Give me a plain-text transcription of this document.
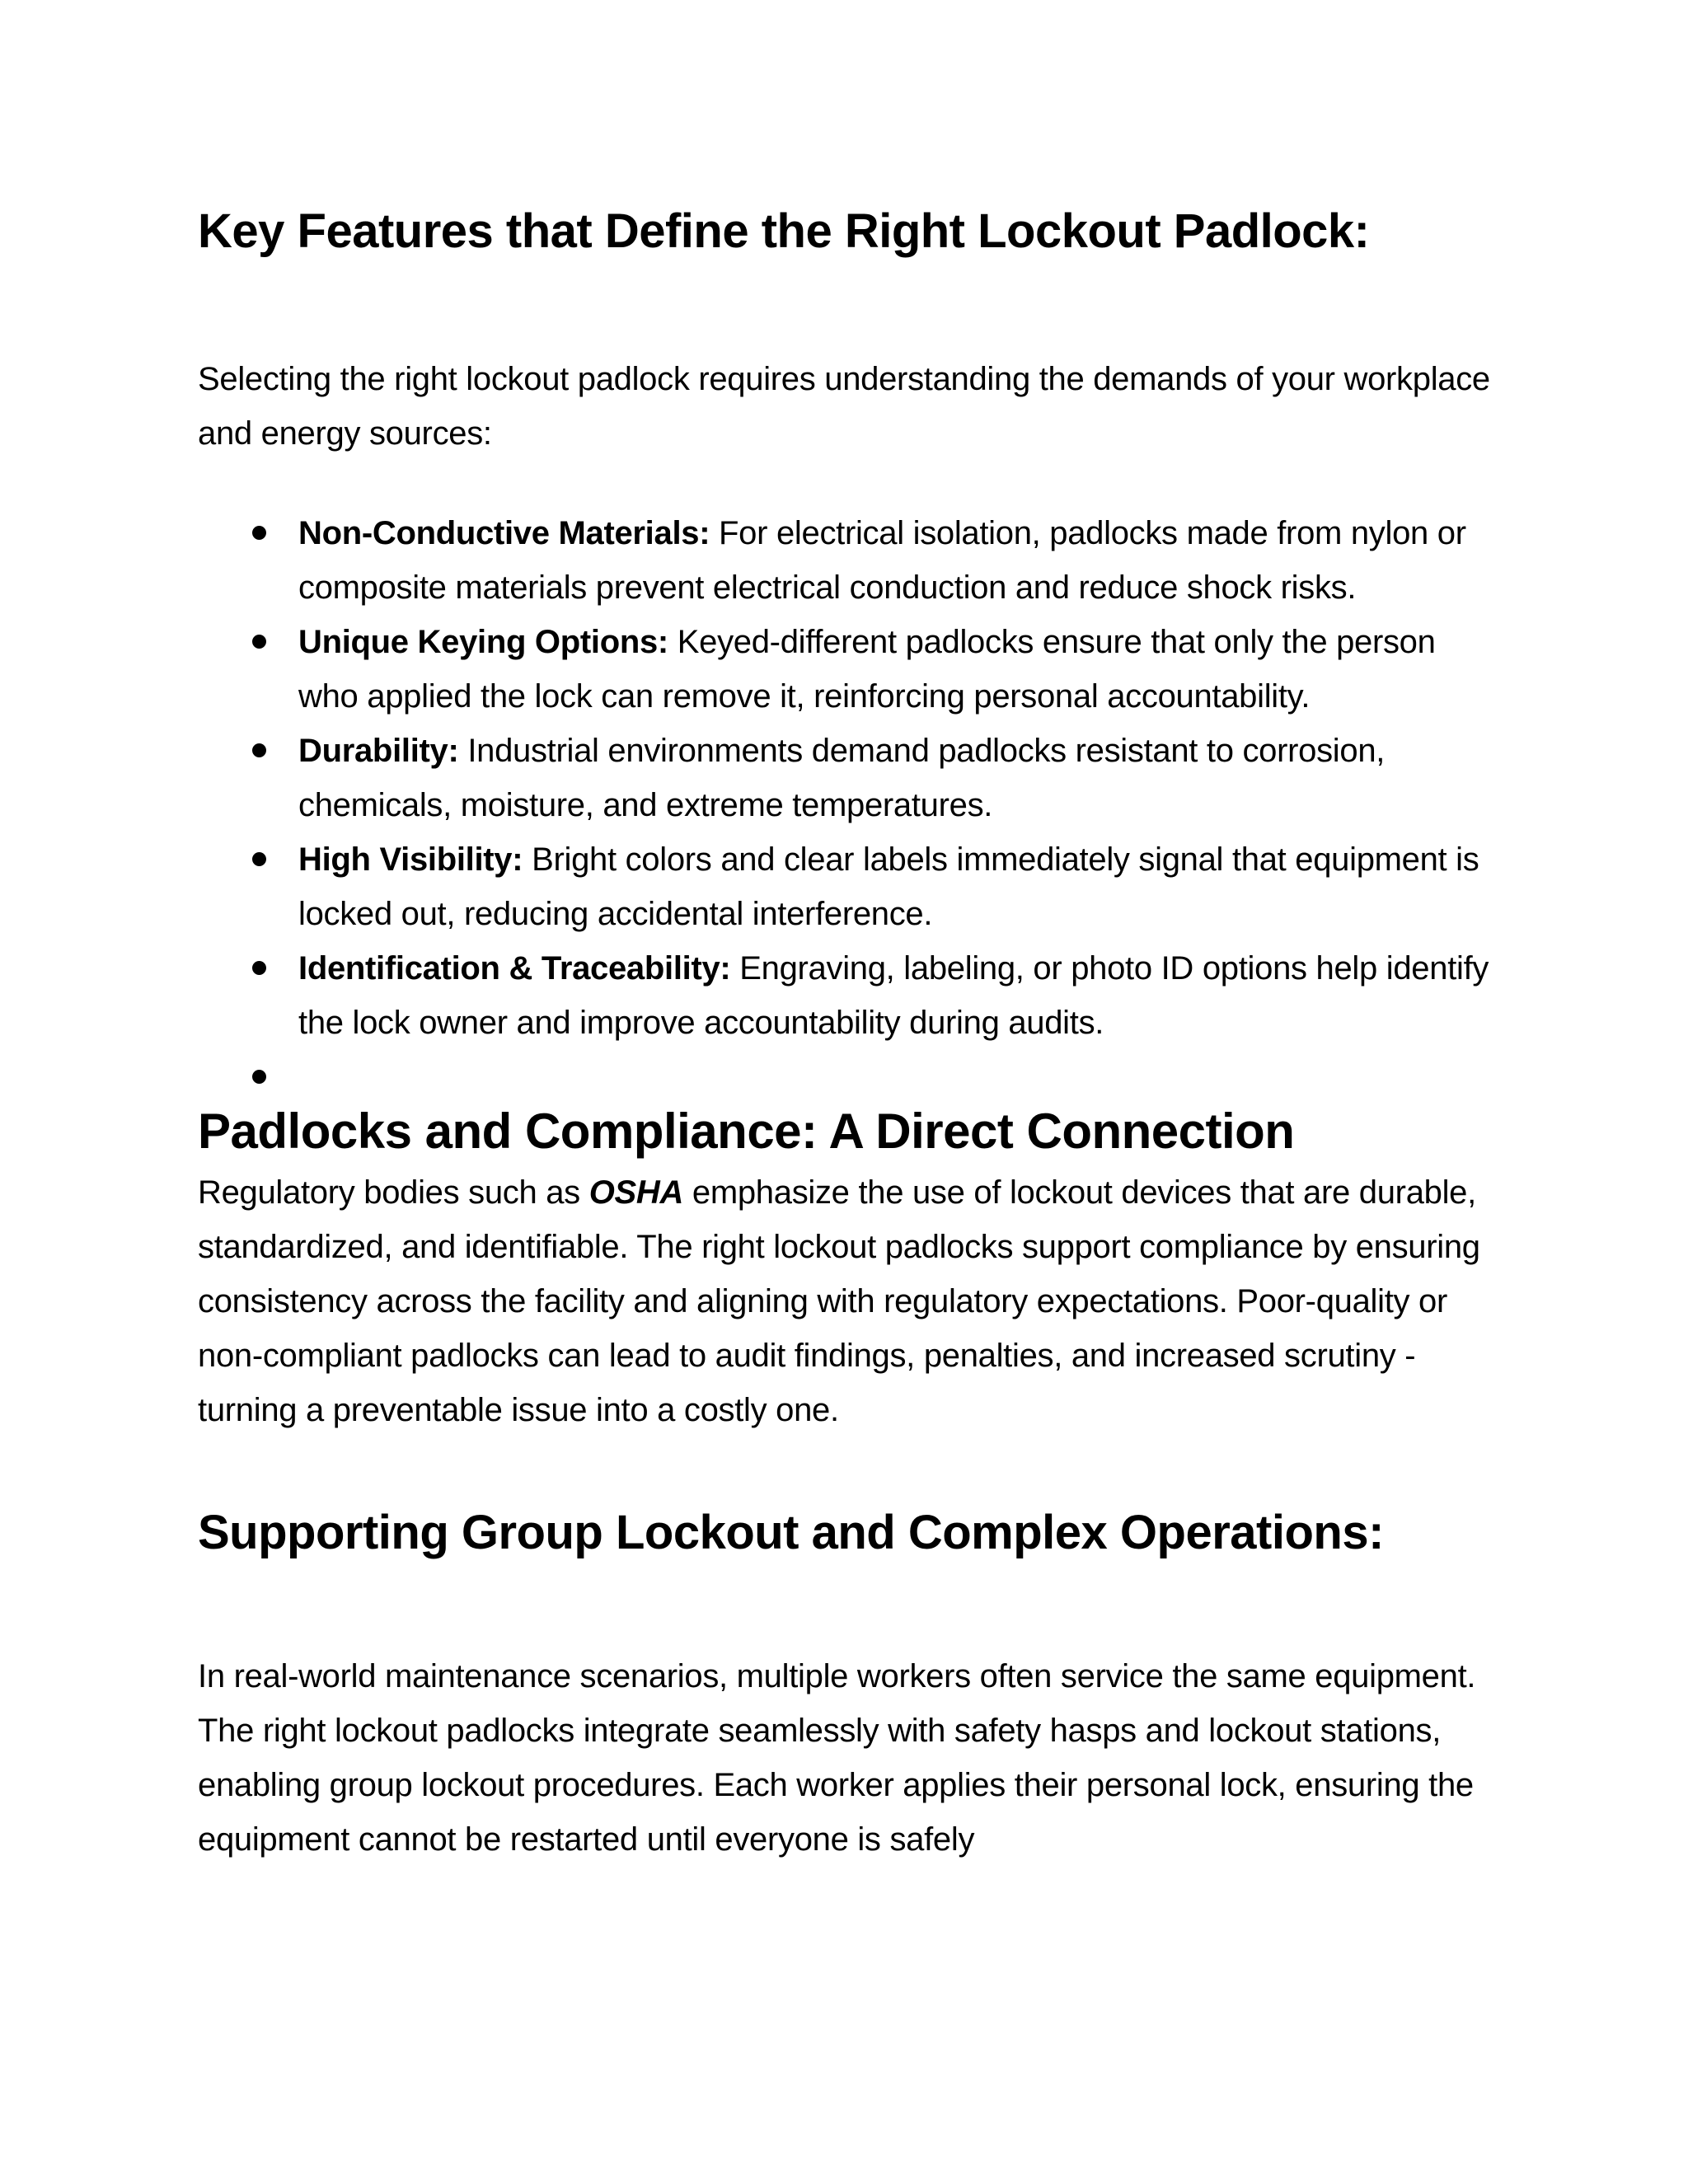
Key Features that Define the Right Lockout Padlock:

Selecting the right lockout padlock requires understanding the demands of your workplace and energy sources:

Non-Conductive Materials: For electrical isolation, padlocks made from nylon or composite materials prevent electrical conduction and reduce shock risks.
Unique Keying Options: Keyed-different padlocks ensure that only the person who applied the lock can remove it, reinforcing personal accountability.
Durability: Industrial environments demand padlocks resistant to corrosion, chemicals, moisture, and extreme temperatures.
High Visibility: Bright colors and clear labels immediately signal that equipment is locked out, reducing accidental interference.
Identification & Traceability: Engraving, labeling, or photo ID options help identify the lock owner and improve accountability during audits.
Padlocks and Compliance: A Direct Connection

Regulatory bodies such as OSHA emphasize the use of lockout devices that are durable, standardized, and identifiable. The right lockout padlocks support compliance by ensuring consistency across the facility and aligning with regulatory expectations. Poor-quality or non-compliant padlocks can lead to audit findings, penalties, and increased scrutiny - turning a preventable issue into a costly one.

Supporting Group Lockout and Complex Operations:

In real-world maintenance scenarios, multiple workers often service the same equipment. The right lockout padlocks integrate seamlessly with safety hasps and lockout stations, enabling group lockout procedures. Each worker applies their personal lock, ensuring the equipment cannot be restarted until everyone is safely
